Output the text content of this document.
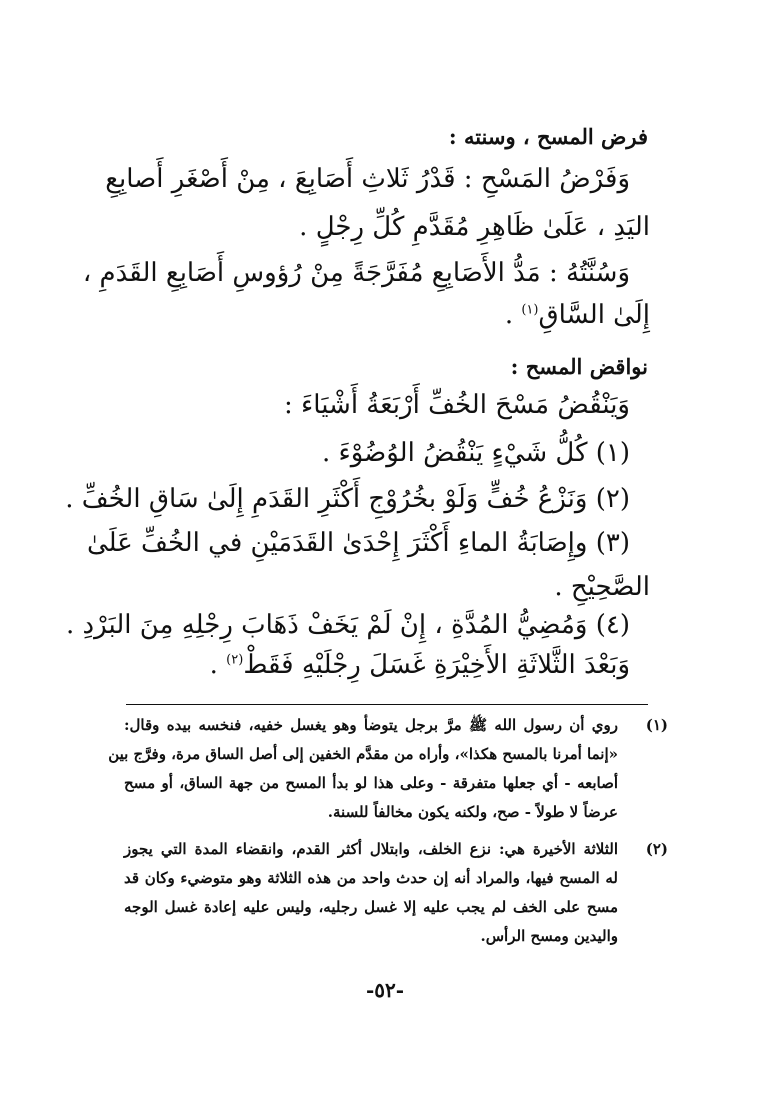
فرض المسح ، وسنته :
وَفَرْضُ المَسْحِ : قَدْرُ ثَلاثِ أَصَابِعَ ، مِنْ أَصْغَرِ أَصابِعِ
اليَدِ ، عَلَىٰ ظَاهِرِ مُقَدَّمِ كُلِّ رِجْلٍ .
وَسُنَّتُهُ : مَدُّ الأَصَابِعِ مُفَرَّجَةً مِنْ رُؤوسِ أَصَابِعِ القَدَمِ ،
إِلَىٰ السَّاقِ$^{(١)}$ .
نواقض المسح :
وَيَنْقُضُ مَسْحَ الخُفِّ أَرْبَعَةُ أَشْيَاءَ :
(١) كُلُّ شَيْءٍ يَنْقُضُ الوُضُوْءَ .
(٢) وَنَزْعُ خُفٍّ وَلَوْ بخُرُوْجِ أَكْثَرِ القَدَمِ إِلَىٰ سَاقِ الخُفِّ .
(٣) وإِصَابَةُ الماءِ أَكْثَرَ إِحْدَىٰ القَدَمَيْنِ في الخُفِّ عَلَىٰ
الصَّحِيْحِ .
(٤) وَمُضِيُّ المُدَّةِ ، إِنْ لَمْ يَخَفْ ذَهَابَ رِجْلِهِ مِنَ البَرْدِ .
وَبَعْدَ الثَّلاثَةِ الأَخِيْرَةِ غَسَلَ رِجْلَيْهِ فَقَطْ$^{(٢)}$ .
(١)
روي أن رسول الله ﷺ مرَّ برجل يتوضأ وهو يغسل خفيه، فنخسه بيده وقال:
«إنما أمرنا بالمسح هكذا»، وأراه من مقدَّم الخفين إلى أصل الساق مرة، وفرَّج بين
أصابعه - أي جعلها متفرقة - وعلى هذا لو بدأ المسح من جهة الساق، أو مسح
عرضاً لا طولاً - صح، ولكنه يكون مخالفاً للسنة.
(٢)
الثلاثة الأخيرة هي: نزع الخلف، وابتلال أكثر القدم، وانقضاء المدة التي يجوز
له المسح فيها، والمراد أنه إن حدث واحد من هذه الثلاثة وهو متوضيء وكان قد
مسح على الخف لم يجب عليه إلا غسل رجليه، وليس عليه إعادة غسل الوجه
واليدين ومسح الرأس.
-٥٢-
